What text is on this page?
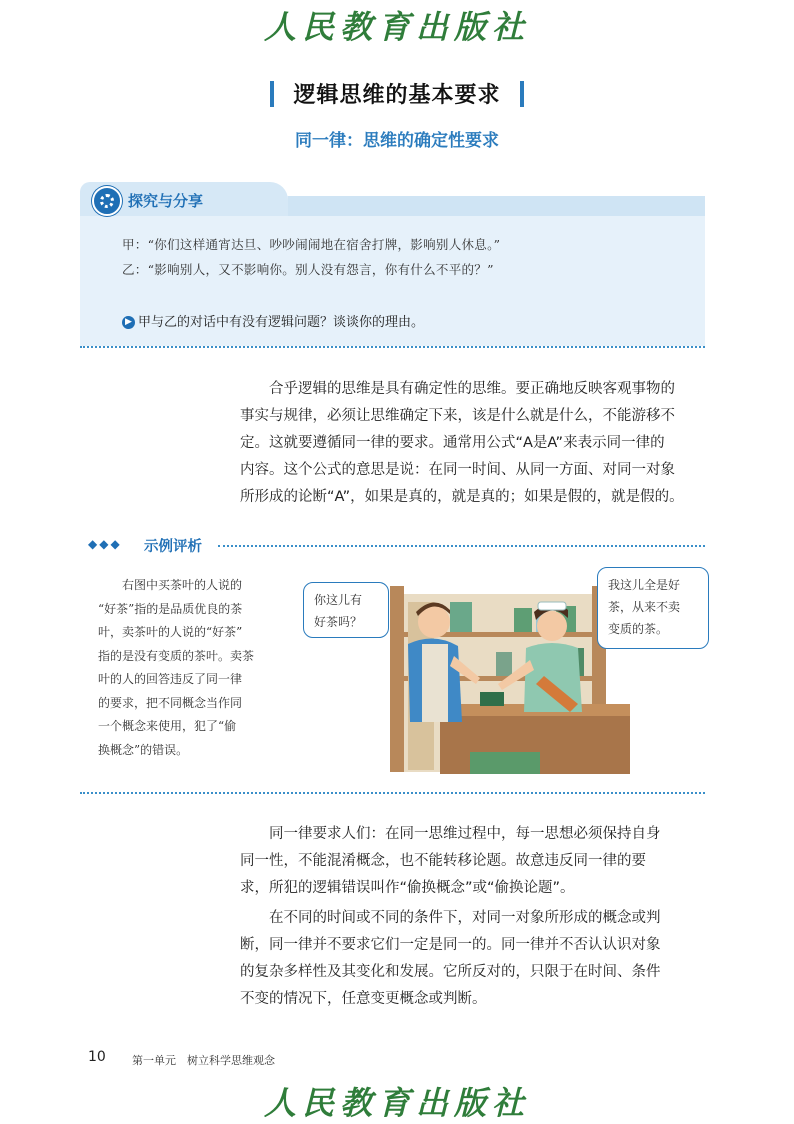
人民教育出版社
逻辑思维的基本要求
同一律：思维的确定性要求
探究与分享
甲：“你们这样通宵达旦、吵吵闹闹地在宿舍打牌，影响别人休息。”
乙：“影响别人，又不影响你。别人没有怨言，你有什么不平的？”
▶ 甲与乙的对话中有没有逻辑问题？谈谈你的理由。
合乎逻辑的思维是具有确定性的思维。要正确地反映客观事物的
事实与规律，必须让思维确定下来，该是什么就是什么，不能游移不
定。这就要遵循同一律的要求。通常用公式“A是A”来表示同一律的
内容。这个公式的意思是说：在同一时间、从同一方面、对同一对象
所形成的论断“A”，如果是真的，就是真的；如果是假的，就是假的。
◆◆◆ 示例评析
右图中买茶叶的人说的
“好茶”指的是品质优良的茶
叶，卖茶叶的人说的“好茶”
指的是没有变质的茶叶。卖茶
叶的人的回答违反了同一律
的要求，把不同概念当作同
一个概念来使用，犯了“偷
换概念”的错误。
你这儿有
好茶吗？
我这儿全是好
茶，从来不卖
变质的茶。
同一律要求人们：在同一思维过程中，每一思想必须保持自身
同一性，不能混淆概念，也不能转移论题。故意违反同一律的要
求，所犯的逻辑错误叫作“偷换概念”或“偷换论题”。
在不同的时间或不同的条件下，对同一对象所形成的概念或判
断，同一律并不要求它们一定是同一的。同一律并不否认认识对象
的复杂多样性及其变化和发展。它所反对的，只限于在时间、条件
不变的情况下，任意变更概念或判断。
10 第一单元　树立科学思维观念
人民教育出版社
